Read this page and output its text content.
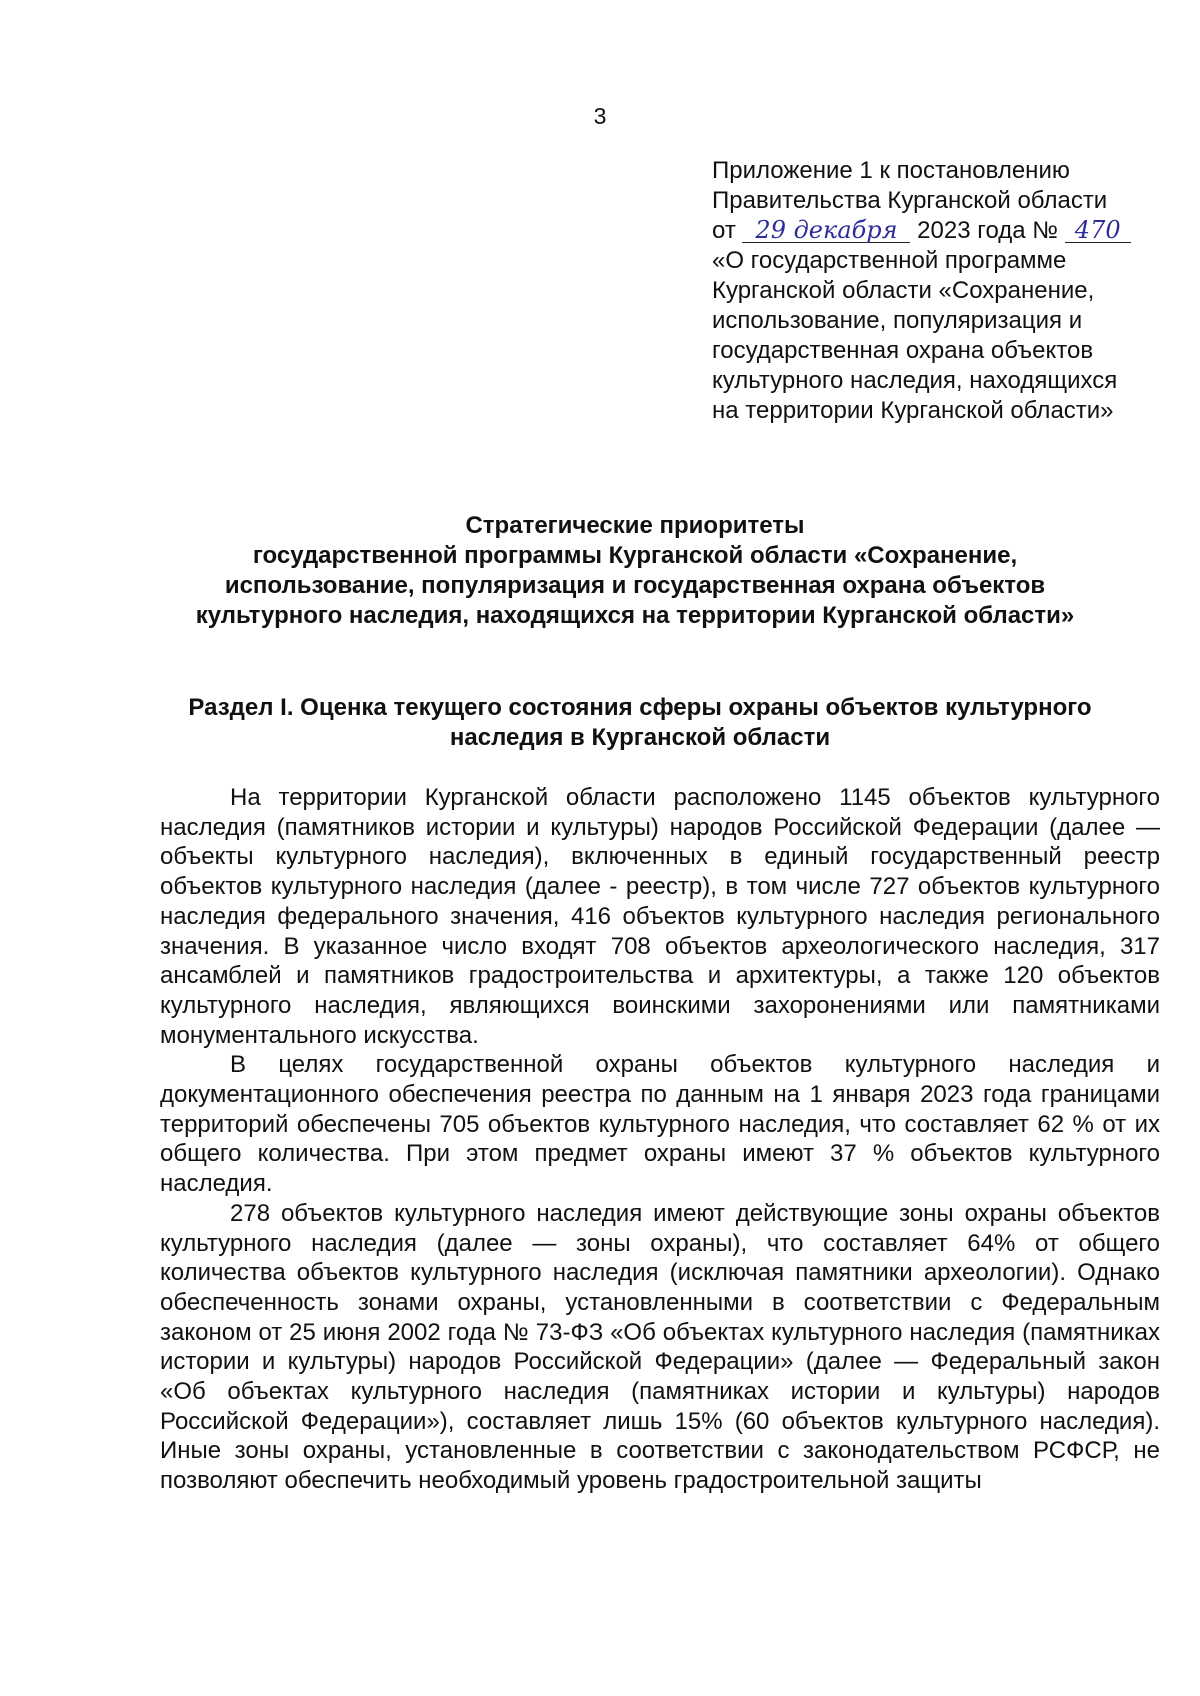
3
Приложение 1 к постановлению
Правительства Курганской области
от 29 декабря 2023 года № 470
«О государственной программе
Курганской области «Сохранение,
использование, популяризация и
государственная охрана объектов
культурного наследия, находящихся
на территории Курганской области»
Стратегические приоритеты
государственной программы Курганской области «Сохранение,
использование, популяризация и государственная охрана объектов
культурного наследия, находящихся на территории Курганской области»
Раздел I. Оценка текущего состояния сферы охраны объектов культурного
наследия в Курганской области

На территории Курганской области расположено 1145 объектов культурного наследия (памятников истории и культуры) народов Российской Федерации (далее — объекты культурного наследия), включенных в единый государственный реестр объектов культурного наследия (далее - реестр), в том числе 727 объектов культурного наследия федерального значения, 416 объектов культурного наследия регионального значения. В указанное число входят 708 объектов археологического наследия, 317 ансамблей и памятников градостроительства и архитектуры, а также 120 объектов культурного наследия, являющихся воинскими захоронениями или памятниками монументального искусства.

В целях государственной охраны объектов культурного наследия и документационного обеспечения реестра по данным на 1 января 2023 года границами территорий обеспечены 705 объектов культурного наследия, что составляет 62 % от их общего количества. При этом предмет охраны имеют 37 % объектов культурного наследия.

278 объектов культурного наследия имеют действующие зоны охраны объектов культурного наследия (далее — зоны охраны), что составляет 64% от общего количества объектов культурного наследия (исключая памятники археологии). Однако обеспеченность зонами охраны, установленными в соответствии с Федеральным законом от 25 июня 2002 года № 73-ФЗ «Об объектах культурного наследия (памятниках истории и культуры) народов Российской Федерации» (далее — Федеральный закон «Об объектах культурного наследия (памятниках истории и культуры) народов Российской Федерации»), составляет лишь 15% (60 объектов культурного наследия). Иные зоны охраны, установленные в соответствии с законодательством РСФСР, не позволяют обеспечить необходимый уровень градостроительной защиты
